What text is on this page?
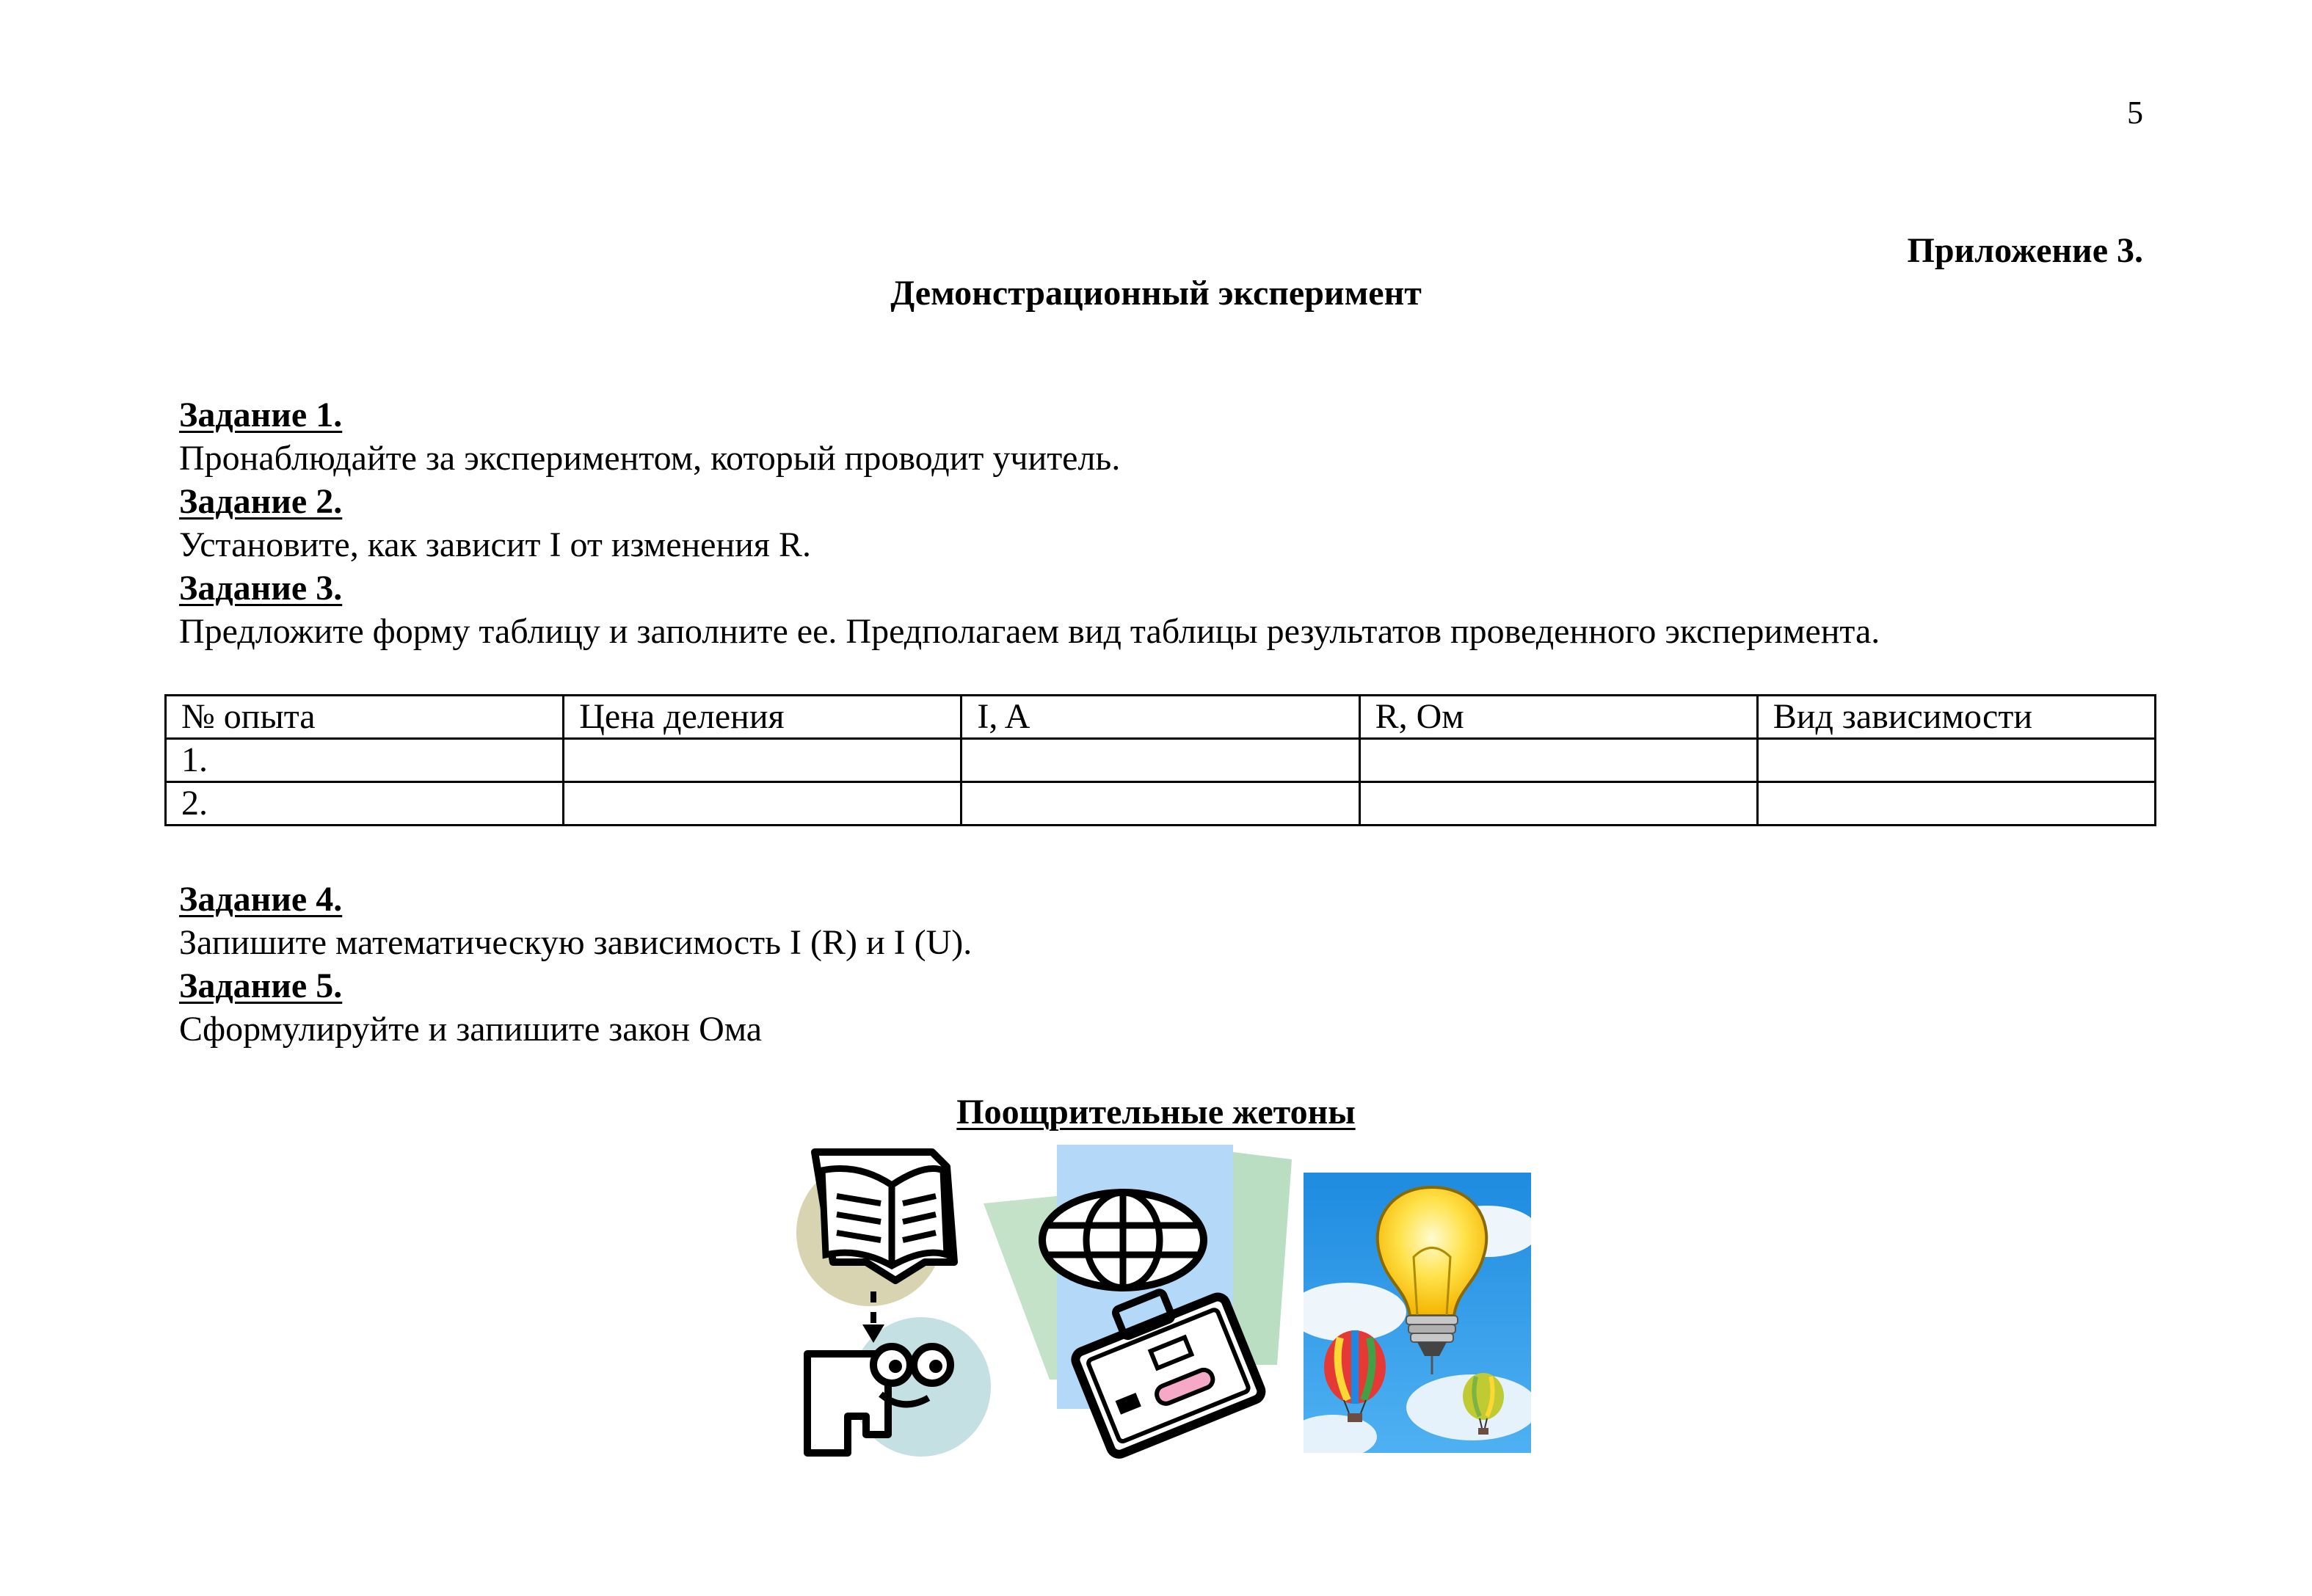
5
Приложение 3.
Демонстрационный эксперимент
Задание 1.
Пронаблюдайте за экспериментом, который проводит учитель.
Задание 2.
Установите, как зависит I от изменения R.
Задание 3.
Предложите форму таблицу и заполните ее. Предполагаем вид таблицы результатов проведенного эксперимента.
№ опыта	Цена деления	I, A	R, Ом	Вид зависимости
1.				
2.				
Задание 4.
Запишите математическую зависимость I (R) и I (U).
Задание 5.
Сформулируйте и запишите закон Ома
Поощрительные жетоны
